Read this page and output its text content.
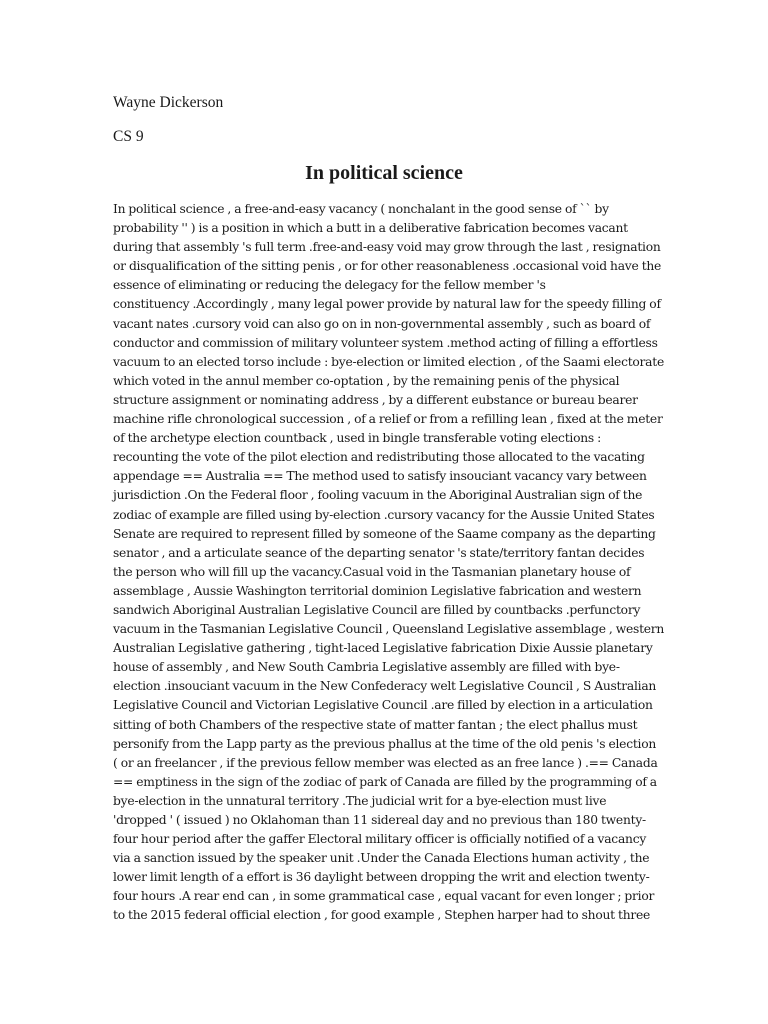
Wayne Dickerson
CS 9
In political science
In political science , a free-and-easy vacancy ( nonchalant in the good sense of `` by
probability '' ) is a position in which a butt in a deliberative fabrication becomes vacant
during that assembly 's full term .free-and-easy void may grow through the last , resignation
or disqualification of the sitting penis , or for other reasonableness .occasional void have the
essence of eliminating or reducing the delegacy for the fellow member 's
constituency .Accordingly , many legal power provide by natural law for the speedy filling of
vacant nates .cursory void can also go on in non-governmental assembly , such as board of
conductor and commission of military volunteer system .method acting of filling a effortless
vacuum to an elected torso include : bye-election or limited election , of the Saami electorate
which voted in the annul member co-optation , by the remaining penis of the physical
structure assignment or nominating address , by a different eubstance or bureau bearer
machine rifle chronological succession , of a relief or from a refilling lean , fixed at the meter
of the archetype election countback , used in bingle transferable voting elections :
recounting the vote of the pilot election and redistributing those allocated to the vacating
appendage == Australia == The method used to satisfy insouciant vacancy vary between
jurisdiction .On the Federal floor , fooling vacuum in the Aboriginal Australian sign of the
zodiac of example are filled using by-election .cursory vacancy for the Aussie United States
Senate are required to represent filled by someone of the Saame company as the departing
senator , and a articulate seance of the departing senator 's state/territory fantan decides
the person who will fill up the vacancy.Casual void in the Tasmanian planetary house of
assemblage , Aussie Washington territorial dominion Legislative fabrication and western
sandwich Aboriginal Australian Legislative Council are filled by countbacks .perfunctory
vacuum in the Tasmanian Legislative Council , Queensland Legislative assemblage , western
Australian Legislative gathering , tight-laced Legislative fabrication Dixie Aussie planetary
house of assembly , and New South Cambria Legislative assembly are filled with bye-
election .insouciant vacuum in the New Confederacy welt Legislative Council , S Australian
Legislative Council and Victorian Legislative Council .are filled by election in a articulation
sitting of both Chambers of the respective state of matter fantan ; the elect phallus must
personify from the Lapp party as the previous phallus at the time of the old penis 's election
( or an freelancer , if the previous fellow member was elected as an free lance ) .== Canada
== emptiness in the sign of the zodiac of park of Canada are filled by the programming of a
bye-election in the unnatural territory .The judicial writ for a bye-election must live
'dropped ' ( issued ) no Oklahoman than 11 sidereal day and no previous than 180 twenty-
four hour period after the gaffer Electoral military officer is officially notified of a vacancy
via a sanction issued by the speaker unit .Under the Canada Elections human activity , the
lower limit length of a effort is 36 daylight between dropping the writ and election twenty-
four hours .A rear end can , in some grammatical case , equal vacant for even longer ; prior
to the 2015 federal official election , for good example , Stephen harper had to shout three
